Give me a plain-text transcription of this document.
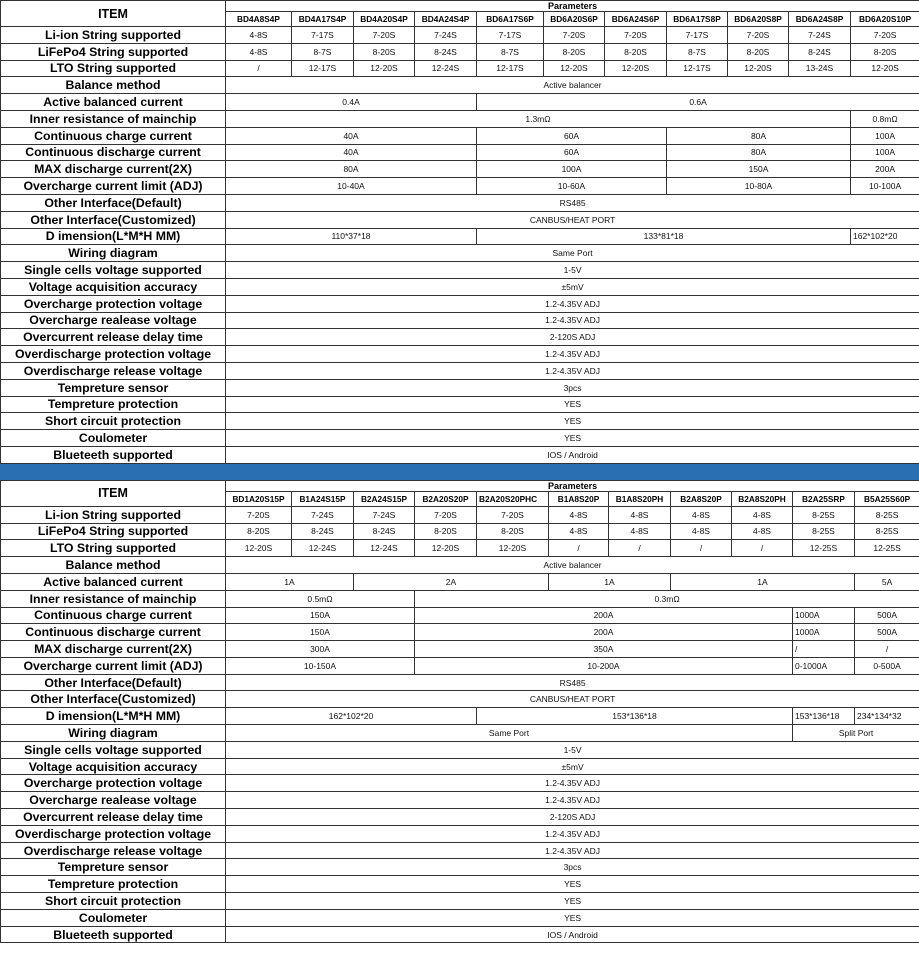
ITEM	Parameters										
	BD4A8S4P	BD4A17S4P	BD4A20S4P	BD4A24S4P	BD6A17S6P	BD6A20S6P	BD6A24S6P	BD6A17S8P	BD6A20S8P	BD6A24S8P	BD6A20S10P
Li-ion String supported	4-8S	7-17S	7-20S	7-24S	7-17S	7-20S	7-20S	7-17S	7-20S	7-24S	7-20S
LiFePo4 String supported	4-8S	8-7S	8-20S	8-24S	8-7S	8-20S	8-20S	8-7S	8-20S	8-24S	8-20S
LTO String supported	/	12-17S	12-20S	12-24S	12-17S	12-20S	12-20S	12-17S	12-20S	13-24S	12-20S
Balance method	Active balancer										
Active balanced current	0.4A				0.6A						
Inner resistance of mainchip	1.3mΩ										0.8mΩ
Continuous charge current	40A				60A			80A			100A
Continuous discharge current	40A				60A			80A			100A
MAX discharge current(2X)	80A				100A			150A			200A
Overcharge current limit (ADJ)	10-40A				10-60A			10-80A			10-100A
Other Interface(Default)	RS485										
Other Interface(Customized)	CANBUS/HEAT PORT										
D imension(L*M*H MM)	110*37*18				133*81*18						162*102*20
Wiring diagram	Same Port										
Single cells voltage supported	1-5V										
Voltage acquisition accuracy	±5mV										
Overcharge protection voltage	1.2-4.35V ADJ										
Overcharge realease voltage	1.2-4.35V ADJ										
Overcurrent release delay time	2-120S ADJ										
Overdischarge protection voltage	1.2-4.35V ADJ										
Overdischarge release voltage	1.2-4.35V ADJ										
Tempreture sensor	3pcs										
Tempreture protection	YES										
Short circuit protection	YES										
Coulometer	YES										
Blueteeth supported	IOS / Android										
ITEM	Parameters										
	BD1A20S15P	B1A24S15P	B2A24S15P	B2A20S20P	B2A20S20PHC	B1A8S20P	B1A8S20PH	B2A8S20P	B2A8S20PH	B2A25SRP	B5A25S60P
Li-ion String supported	7-20S	7-24S	7-24S	7-20S	7-20S	4-8S	4-8S	4-8S	4-8S	8-25S	8-25S
LiFePo4 String supported	8-20S	8-24S	8-24S	8-20S	8-20S	4-8S	4-8S	4-8S	4-8S	8-25S	8-25S
LTO String supported	12-20S	12-24S	12-24S	12-20S	12-20S	/	/	/	/	12-25S	12-25S
Balance method	Active balancer										
Active balanced current	1A		2A			1A		1A			5A
Inner resistance of mainchip	0.5mΩ			0.3mΩ							
Continuous charge current	150A			200A						1000A	500A
Continuous discharge current	150A			200A						1000A	500A
MAX discharge current(2X)	300A			350A						/	/
Overcharge current limit (ADJ)	10-150A			10-200A						0-1000A	0-500A
Other Interface(Default)	RS485										
Other Interface(Customized)	CANBUS/HEAT PORT										
D imension(L*M*H MM)	162*102*20				153*136*18					153*136*18	234*134*32
Wiring diagram	Same Port									Split Port	
Single cells voltage supported	1-5V										
Voltage acquisition accuracy	±5mV										
Overcharge protection voltage	1.2-4.35V ADJ										
Overcharge realease voltage	1.2-4.35V ADJ										
Overcurrent release delay time	2-120S ADJ										
Overdischarge protection voltage	1.2-4.35V ADJ										
Overdischarge release voltage	1.2-4.35V ADJ										
Tempreture sensor	3pcs										
Tempreture protection	YES										
Short circuit protection	YES										
Coulometer	YES										
Blueteeth supported	IOS / Android										
